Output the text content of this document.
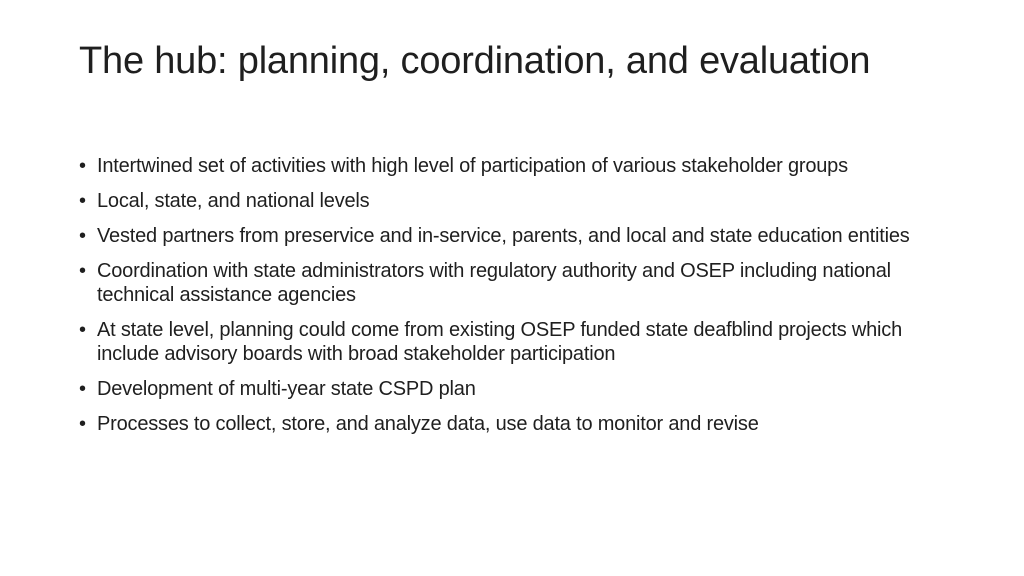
The hub: planning, coordination, and evaluation
• Intertwined set of activities with high level of participation of various stakeholder groups
• Local, state, and national levels
• Vested partners from preservice and in-service, parents, and local and state education entities
• Coordination with state administrators with regulatory authority and OSEP including national technical assistance agencies
• At state level, planning could come from existing OSEP funded state deafblind projects which include advisory boards with broad stakeholder participation
• Development of multi-year state CSPD plan
• Processes to collect, store, and analyze data, use data to monitor and revise
